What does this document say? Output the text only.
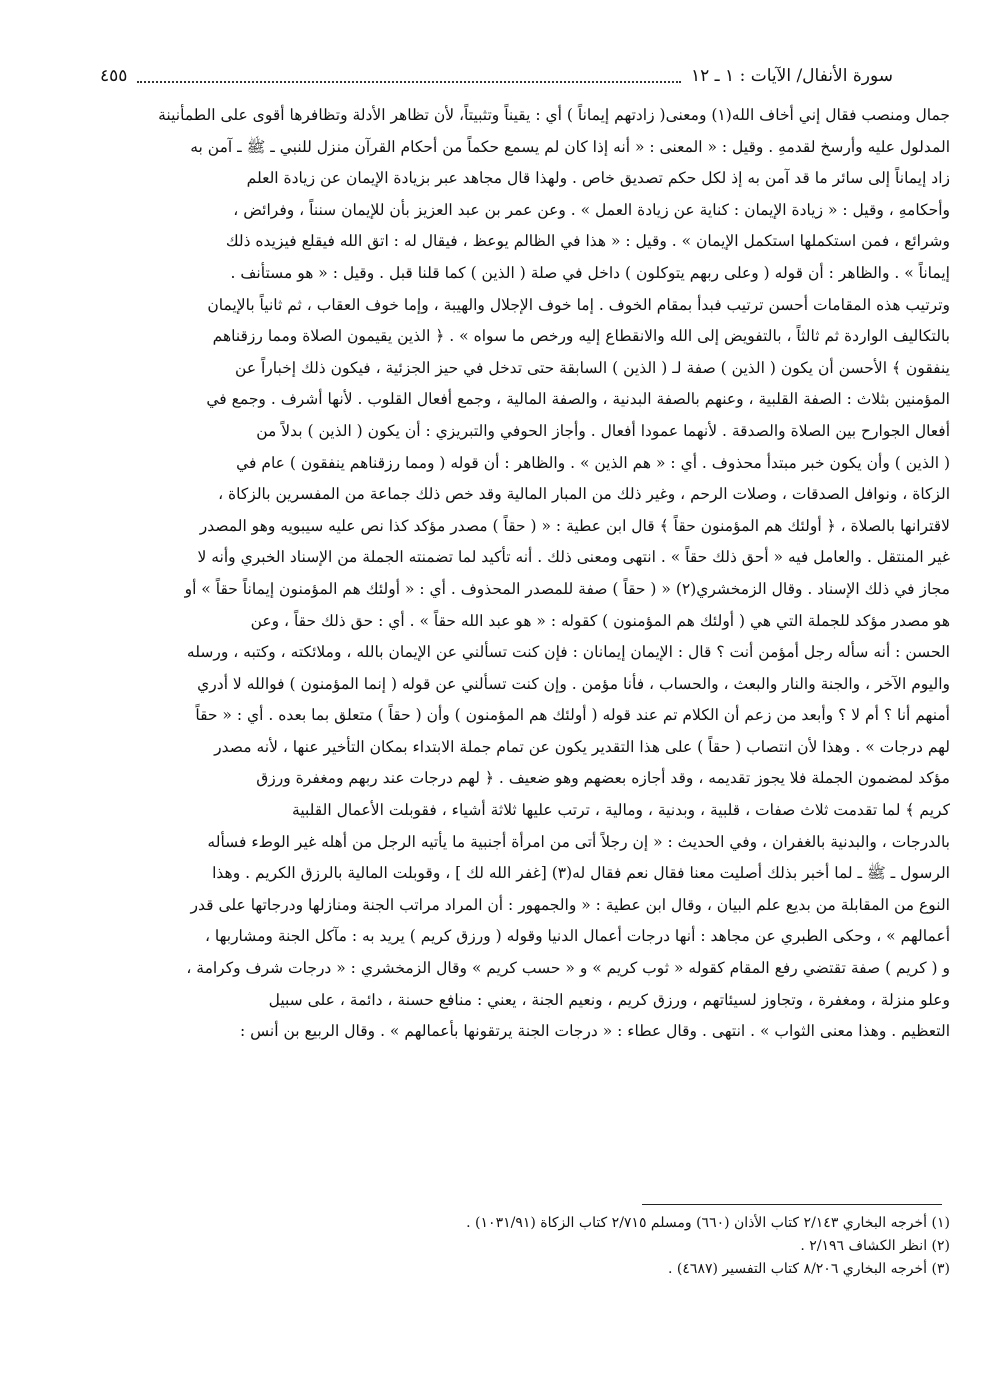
سورة الأنفال/ الآيات : ١ ـ ١٢
٤٥٥
جمال ومنصب فقال إني أخاف الله(١) ومعنى( زادتهم إيماناً ) أي : يقيناً وتثبيتاً، لأن تظاهر الأدلة وتظافرها أقوى على الطمأنينة
المدلول عليه وأرسخ لقدمهِ . وقيل : « المعنى : « أنه إذا كان لم يسمع حكماً من أحكام القرآن منزل للنبي ـ ﷺ ـ آمن به
زاد إيماناً إلى سائر ما قد آمن به إذ لكل حكم تصديق خاص . ولهذا قال مجاهد عبر بزيادة الإيمان عن زيادة العلم
وأحكامهِ ، وقيل : « زيادة الإيمان : كناية عن زيادة العمل » . وعن عمر بن عبد العزيز بأن للإيمان سنناً ، وفرائض ،
وشرائع ، فمن استكملها استكمل الإيمان » . وقيل : « هذا في الظالم يوعظ ، فيقال له : اتق الله فيقلع فيزيده ذلك
إيماناً » . والظاهر : أن قوله ( وعلى ربهم يتوكلون ) داخل في صلة ( الذين ) كما قلنا قبل . وقيل : « هو مستأنف .
وترتيب هذه المقامات أحسن ترتيب فبدأ بمقام الخوف . إما خوف الإجلال والهيبة ، وإما خوف العقاب ، ثم ثانياً بالإيمان
بالتكاليف الواردة ثم ثالثاً ، بالتفويض إلى الله والانقطاع إليه ورخص ما سواه » . ﴿ الذين يقيمون الصلاة ومما رزقناهم
ينفقون ﴾ الأحسن أن يكون ( الذين ) صفة لـ ( الذين ) السابقة حتى تدخل في حيز الجزئية ، فيكون ذلك إخباراً عن
المؤمنين بثلاث : الصفة القلبية ، وعنهم بالصفة البدنية ، والصفة المالية ، وجمع أفعال القلوب . لأنها أشرف . وجمع في
أفعال الجوارح بين الصلاة والصدقة . لأنهما عمودا أفعال . وأجاز الحوفي والتبريزي : أن يكون ( الذين ) بدلاً من
( الذين ) وأن يكون خبر مبتدأ محذوف . أي : « هم الذين » . والظاهر : أن قوله ( ومما رزقناهم ينفقون ) عام في
الزكاة ، ونوافل الصدقات ، وصلات الرحم ، وغير ذلك من المبار المالية وقد خص ذلك جماعة من المفسرين بالزكاة ،
لاقترانها بالصلاة ، ﴿ أولئك هم المؤمنون حقاً ﴾ قال ابن عطية : « ( حقاً ) مصدر مؤكد كذا نص عليه سيبويه وهو المصدر
غير المنتقل . والعامل فيه « أحق ذلك حقاً » . انتهى ومعنى ذلك . أنه تأكيد لما تضمنته الجملة من الإسناد الخبري وأنه لا
مجاز في ذلك الإسناد . وقال الزمخشري(٢) « ( حقاً ) صفة للمصدر المحذوف . أي : « أولئك هم المؤمنون إيماناً حقاً » أو
هو مصدر مؤكد للجملة التي هي ( أولئك هم المؤمنون ) كقوله : « هو عبد الله حقاً » . أي : حق ذلك حقاً ، وعن
الحسن : أنه سأله رجل أمؤمن أنت ؟ قال : الإيمان إيمانان : فإن كنت تسألني عن الإيمان بالله ، وملائكته ، وكتبه ، ورسله
واليوم الآخر ، والجنة والنار والبعث ، والحساب ، فأنا مؤمن . وإن كنت تسألني عن قوله ( إنما المؤمنون ) فوالله لا أدري
أمنهم أنا ؟ أم لا ؟ وأبعد من زعم أن الكلام تم عند قوله ( أولئك هم المؤمنون ) وأن ( حقاً ) متعلق بما بعده . أي : « حقاً
لهم درجات » . وهذا لأن انتصاب ( حقاً ) على هذا التقدير يكون عن تمام جملة الابتداء بمكان التأخير عنها ، لأنه مصدر
مؤكد لمضمون الجملة فلا يجوز تقديمه ، وقد أجازه بعضهم وهو ضعيف . ﴿ لهم درجات عند ربهم ومغفرة ورزق
كريم ﴾ لما تقدمت ثلاث صفات ، قلبية ، وبدنية ، ومالية ، ترتب عليها ثلاثة أشياء ، فقوبلت الأعمال القلبية
بالدرجات ، والبدنية بالغفران ، وفي الحديث : « إن رجلاً أتى من امرأة أجنبية ما يأتيه الرجل من أهله غير الوطء فسأله
الرسول ـ ﷺ ـ لما أخبر بذلك أصليت معنا فقال نعم فقال له(٣) [غفر الله لك ] ، وقوبلت المالية بالرزق الكريم . وهذا
النوع من المقابلة من بديع علم البيان ، وقال ابن عطية : « والجمهور : أن المراد مراتب الجنة ومنازلها ودرجاتها على قدر
أعمالهم » ، وحكى الطبري عن مجاهد : أنها درجات أعمال الدنيا وقوله ( ورزق كريم ) يريد به : مآكل الجنة ومشاربها ،
و ( كريم ) صفة تقتضي رفع المقام كقوله « ثوب كريم » و « حسب كريم » وقال الزمخشري : « درجات شرف وكرامة ،
وعلو منزلة ، ومغفرة ، وتجاوز لسيئاتهم ، ورزق كريم ، ونعيم الجنة ، يعني : منافع حسنة ، دائمة ، على سبيل
التعظيم . وهذا معنى الثواب » . انتهى . وقال عطاء : « درجات الجنة يرتقونها بأعمالهم » . وقال الربيع بن أنس :
(١) أخرجه البخاري ٢/١٤٣ كتاب الأذان (٦٦٠) ومسلم ٢/٧١٥ كتاب الزكاة (١٠٣١/٩١) .
(٢) انظر الكشاف ٢/١٩٦ .
(٣) أخرجه البخاري ٨/٢٠٦ كتاب التفسير (٤٦٨٧) .
